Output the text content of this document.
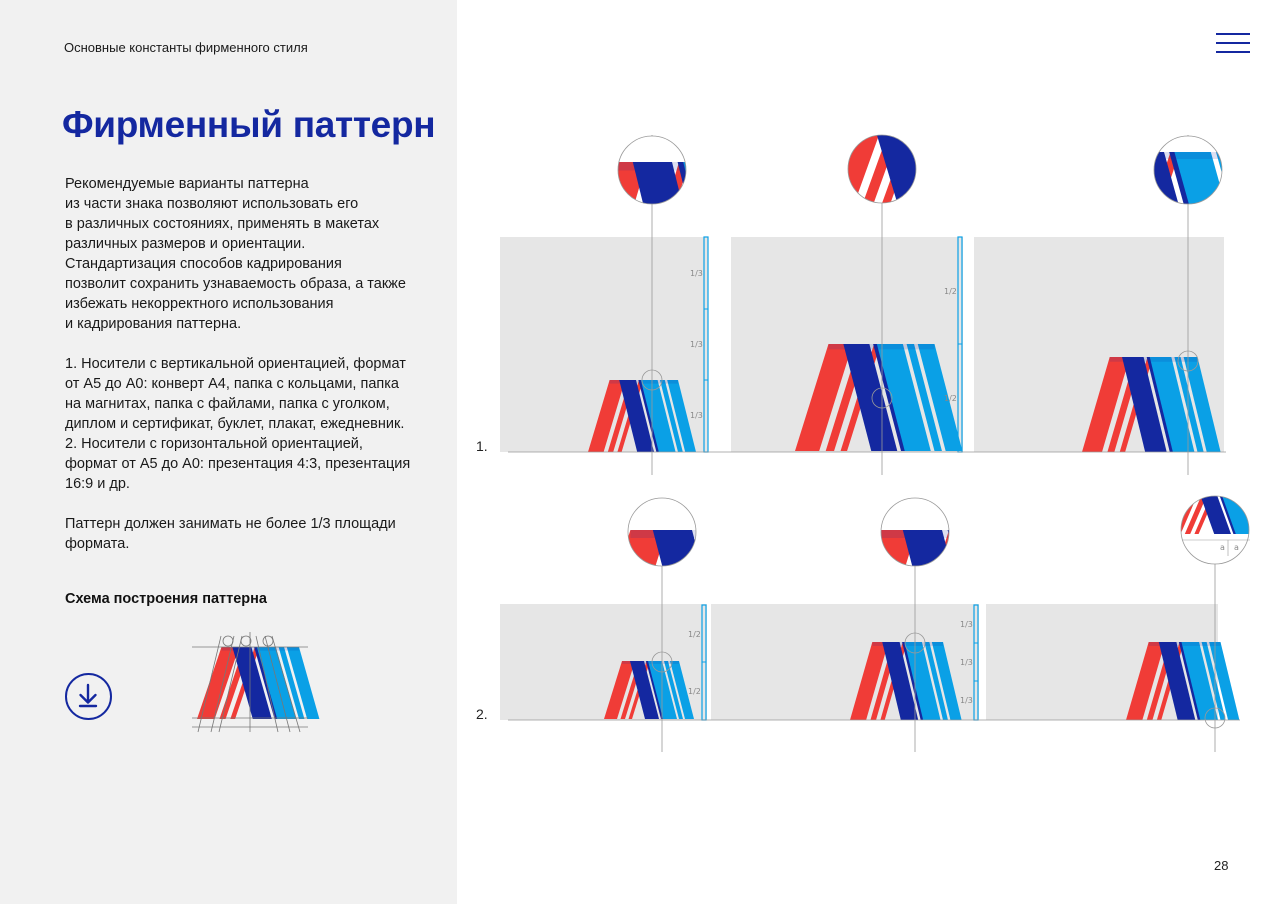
Основные константы фирменного стиля
Фирменный паттерн
Рекомендуемые варианты паттерна
из части знака позволяют использовать его
в различных состояниях, применять в макетах
различных размеров и ориентации.
Стандартизация способов кадрирования
позволит сохранить узнаваемость образа, а также
избежать некорректного использования
и кадрирования паттерна.
1. Носители с вертикальной ориентацией, формат
от А5 до А0: конверт А4, папка с кольцами, папка
на магнитах, папка с файлами, папка с уголком,
диплом и сертификат, буклет, плакат, ежедневник.
2. Носители с горизонтальной ориентацией,
формат от А5 до А0: презентация 4:3, презентация
16:9 и др.
Паттерн должен занимать не более 1/3 площади
формата.
Схема построения паттерна
1.
2.
28
1/3
1/3
1/3
1/2
1/2
1/2
1/2
1/3
1/3
1/3
a a
